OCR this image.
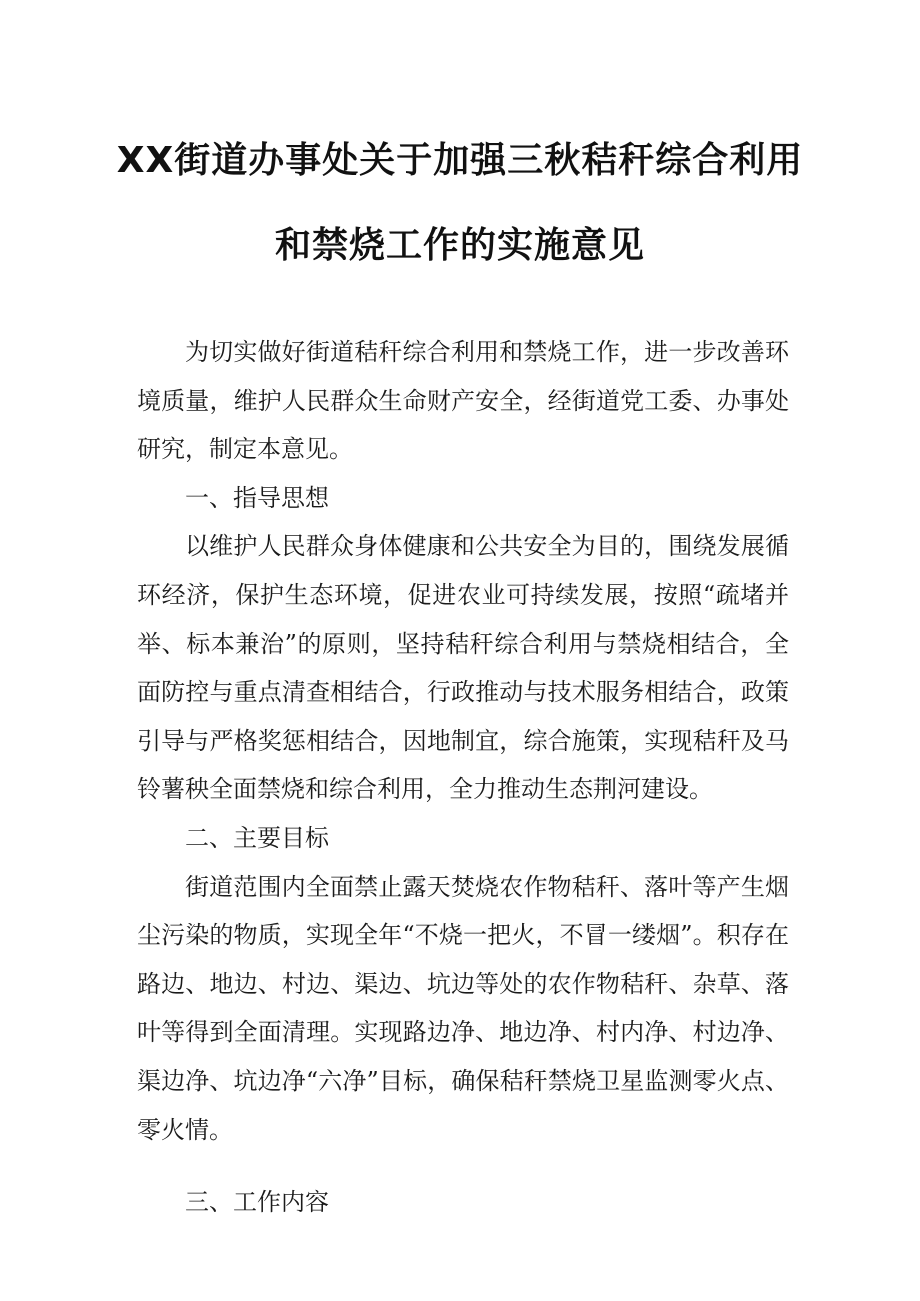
XX街道办事处关于加强三秋秸秆综合利用
和禁烧工作的实施意见

为切实做好街道秸秆综合利用和禁烧工作，进一步改善环境质量，维护人民群众生命财产安全，经街道党工委、办事处研究，制定本意见。

一、指导思想

以维护人民群众身体健康和公共安全为目的，围绕发展循环经济，保护生态环境，促进农业可持续发展，按照“疏堵并举、标本兼治”的原则，坚持秸秆综合利用与禁烧相结合，全面防控与重点清查相结合，行政推动与技术服务相结合，政策引导与严格奖惩相结合，因地制宜，综合施策，实现秸秆及马铃薯秧全面禁烧和综合利用，全力推动生态荆河建设。

二、主要目标

街道范围内全面禁止露天焚烧农作物秸秆、落叶等产生烟尘污染的物质，实现全年“不烧一把火，不冒一缕烟”。积存在路边、地边、村边、渠边、坑边等处的农作物秸秆、杂草、落叶等得到全面清理。实现路边净、地边净、村内净、村边净、渠边净、坑边净“六净”目标，确保秸秆禁烧卫星监测零火点、零火情。

三、工作内容
